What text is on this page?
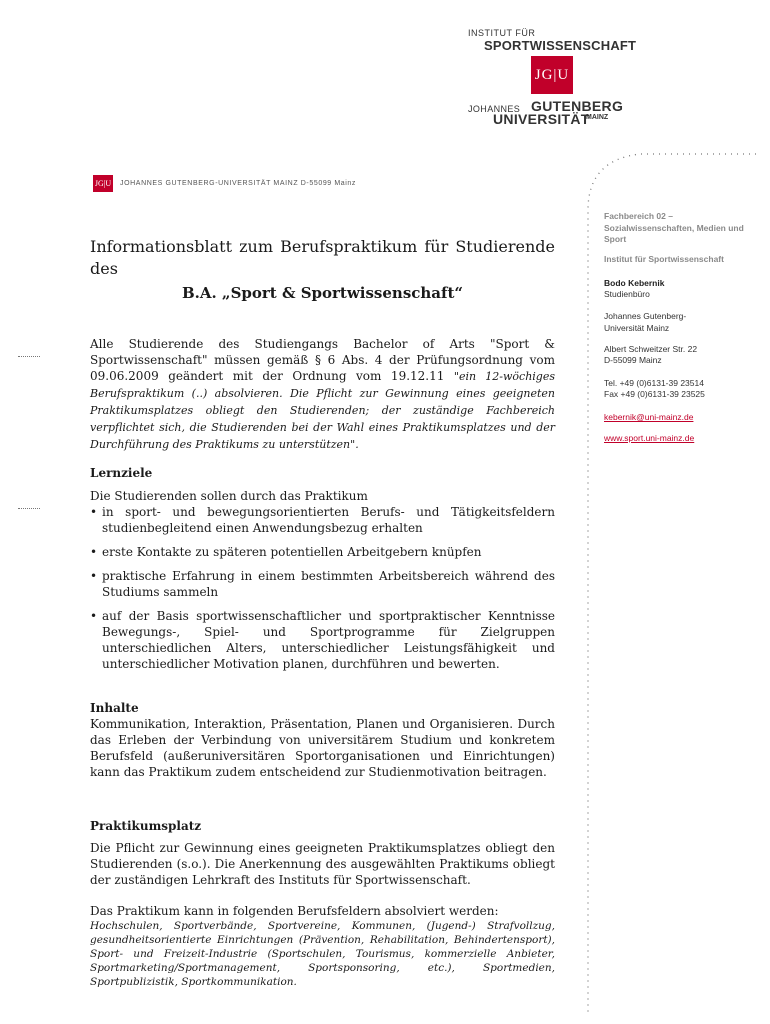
INSTITUT FÜR
SPORTWISSENSCHAFT
JG|U
JOHANNES GUTENBERG
UNIVERSITÄT
MAINZ
JG|U JOHANNES GUTENBERG-UNIVERSITÄT MAINZ D-55099 Mainz
Fachbereich 02 – Sozialwissenschaften, Medien und Sport
Institut für Sportwissenschaft
Bodo Kebernik
Studienbüro
Johannes Gutenberg-Universität Mainz
Albert Schweitzer Str. 22
D-55099 Mainz
Tel. +49 (0)6131-39 23514
Fax +49 (0)6131-39 23525
kebernik@uni-mainz.de
www.sport.uni-mainz.de
Informationsblatt zum Berufspraktikum für Studierende des
B.A. „Sport & Sportwissenschaft“
Alle Studierende des Studiengangs Bachelor of Arts "Sport & Sportwissenschaft" müssen gemäß § 6 Abs. 4 der Prüfungsordnung vom 09.06.2009 geändert mit der Ordnung vom 19.12.11 "ein 12-wöchiges Berufspraktikum (..) absolvieren. Die Pflicht zur Gewinnung eines geeigneten Praktikumsplatzes obliegt den Studierenden; der zuständige Fachbereich verpflichtet sich, die Studierenden bei der Wahl eines Praktikumsplatzes und der Durchführung des Praktikums zu unterstützen".
Lernziele
Die Studierenden sollen durch das Praktikum
• in sport- und bewegungsorientierten Berufs- und Tätigkeitsfeldern studienbegleitend einen Anwendungsbezug erhalten
• erste Kontakte zu späteren potentiellen Arbeitgebern knüpfen
• praktische Erfahrung in einem bestimmten Arbeitsbereich während des Studiums sammeln
• auf der Basis sportwissenschaftlicher und sportpraktischer Kenntnisse Bewegungs-, Spiel- und Sportprogramme für Zielgruppen unterschiedlichen Alters, unterschiedlicher Leistungsfähigkeit und unterschiedlicher Motivation planen, durchführen und bewerten.
Inhalte
Kommunikation, Interaktion, Präsentation, Planen und Organisieren. Durch das Erleben der Verbindung von universitärem Studium und konkretem Berufsfeld (außeruniversitären Sportorganisationen und Einrichtungen) kann das Praktikum zudem entscheidend zur Studienmotivation beitragen.
Praktikumsplatz
Die Pflicht zur Gewinnung eines geeigneten Praktikumsplatzes obliegt den Studierenden (s.o.). Die Anerkennung des ausgewählten Praktikums obliegt der zuständigen Lehrkraft des Instituts für Sportwissenschaft.
Das Praktikum kann in folgenden Berufsfeldern absolviert werden:
Hochschulen, Sportverbände, Sportvereine, Kommunen, (Jugend-) Strafvollzug, gesundheitsorientierte Einrichtungen (Prävention, Rehabilitation, Behindertensport), Sport- und Freizeit-Industrie (Sportschulen, Tourismus, kommerzielle Anbieter, Sportmarketing/Sportmanagement, Sportsponsoring, etc.), Sportmedien, Sportpublizistik, Sportkommunikation.
